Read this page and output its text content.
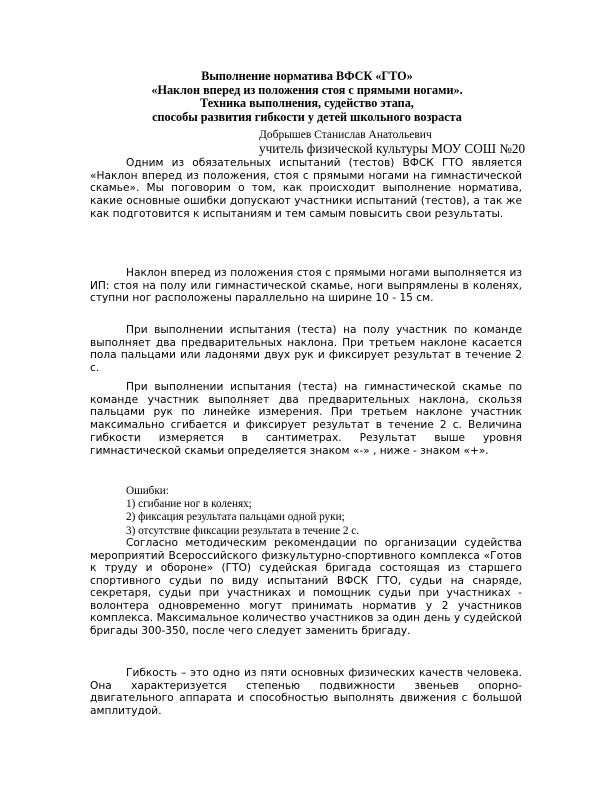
Выполнение норматива ВФСК «ГТО»
«Наклон вперед из положения стоя с прямыми ногами».
Техника выполнения, судейство этапа,
способы развития гибкости у детей школьного возраста
Добрышев Станислав Анатольевич
учитель физической культуры МОУ СОШ №20

Одним из обязательных испытаний (тестов) ВФСК ГТО является «Наклон вперед из положения, стоя с прямыми ногами на гимнастической скамье». Мы поговорим о том, как происходит выполнение норматива, какие основные ошибки допускают участники испытаний (тестов), а так же как подготовится к испытаниям и тем самым повысить свои результаты.

Наклон вперед из положения стоя с прямыми ногами выполняется из ИП: стоя на полу или гимнастической скамье, ноги выпрямлены в коленях, ступни ног расположены параллельно на ширине 10 - 15 см.

При выполнении испытания (теста) на полу участник по команде выполняет два предварительных наклона. При третьем наклоне касается пола пальцами или ладонями двух рук и фиксирует результат в течение 2 с.

При выполнении испытания (теста) на гимнастической скамье по команде участник выполняет два предварительных наклона, скользя пальцами рук по линейке измерения. При третьем наклоне участник максимально сгибается и фиксирует результат в течение 2 с. Величина гибкости измеряется в сантиметрах. Результат выше уровня гимнастической скамьи определяется знаком «-» , ниже - знаком «+».

Ошибки:
1) сгибание ног в коленях;
2) фиксация результата пальцами одной руки;
3) отсутствие фиксации результата в течение 2 с.

Согласно методическим рекомендации по организации судейства мероприятий Всероссийского физкультурно-спортивного комплекса «Готов к труду и обороне» (ГТО) судейская бригада состоящая из старшего спортивного судьи по виду испытаний ВФСК ГТО, судьи на снаряде, секретаря, судьи при участниках и помощник судьи при участниках - волонтера одновременно могут принимать норматив у 2 участников комплекса. Максимальное количество участников за один день у судейской бригады 300-350, после чего следует заменить бригаду.

Гибкость – это одно из пяти основных физических качеств человека. Она характеризуется степенью подвижности звеньев опорно-двигательного аппарата и способностью выполнять движения с большой амплитудой.
